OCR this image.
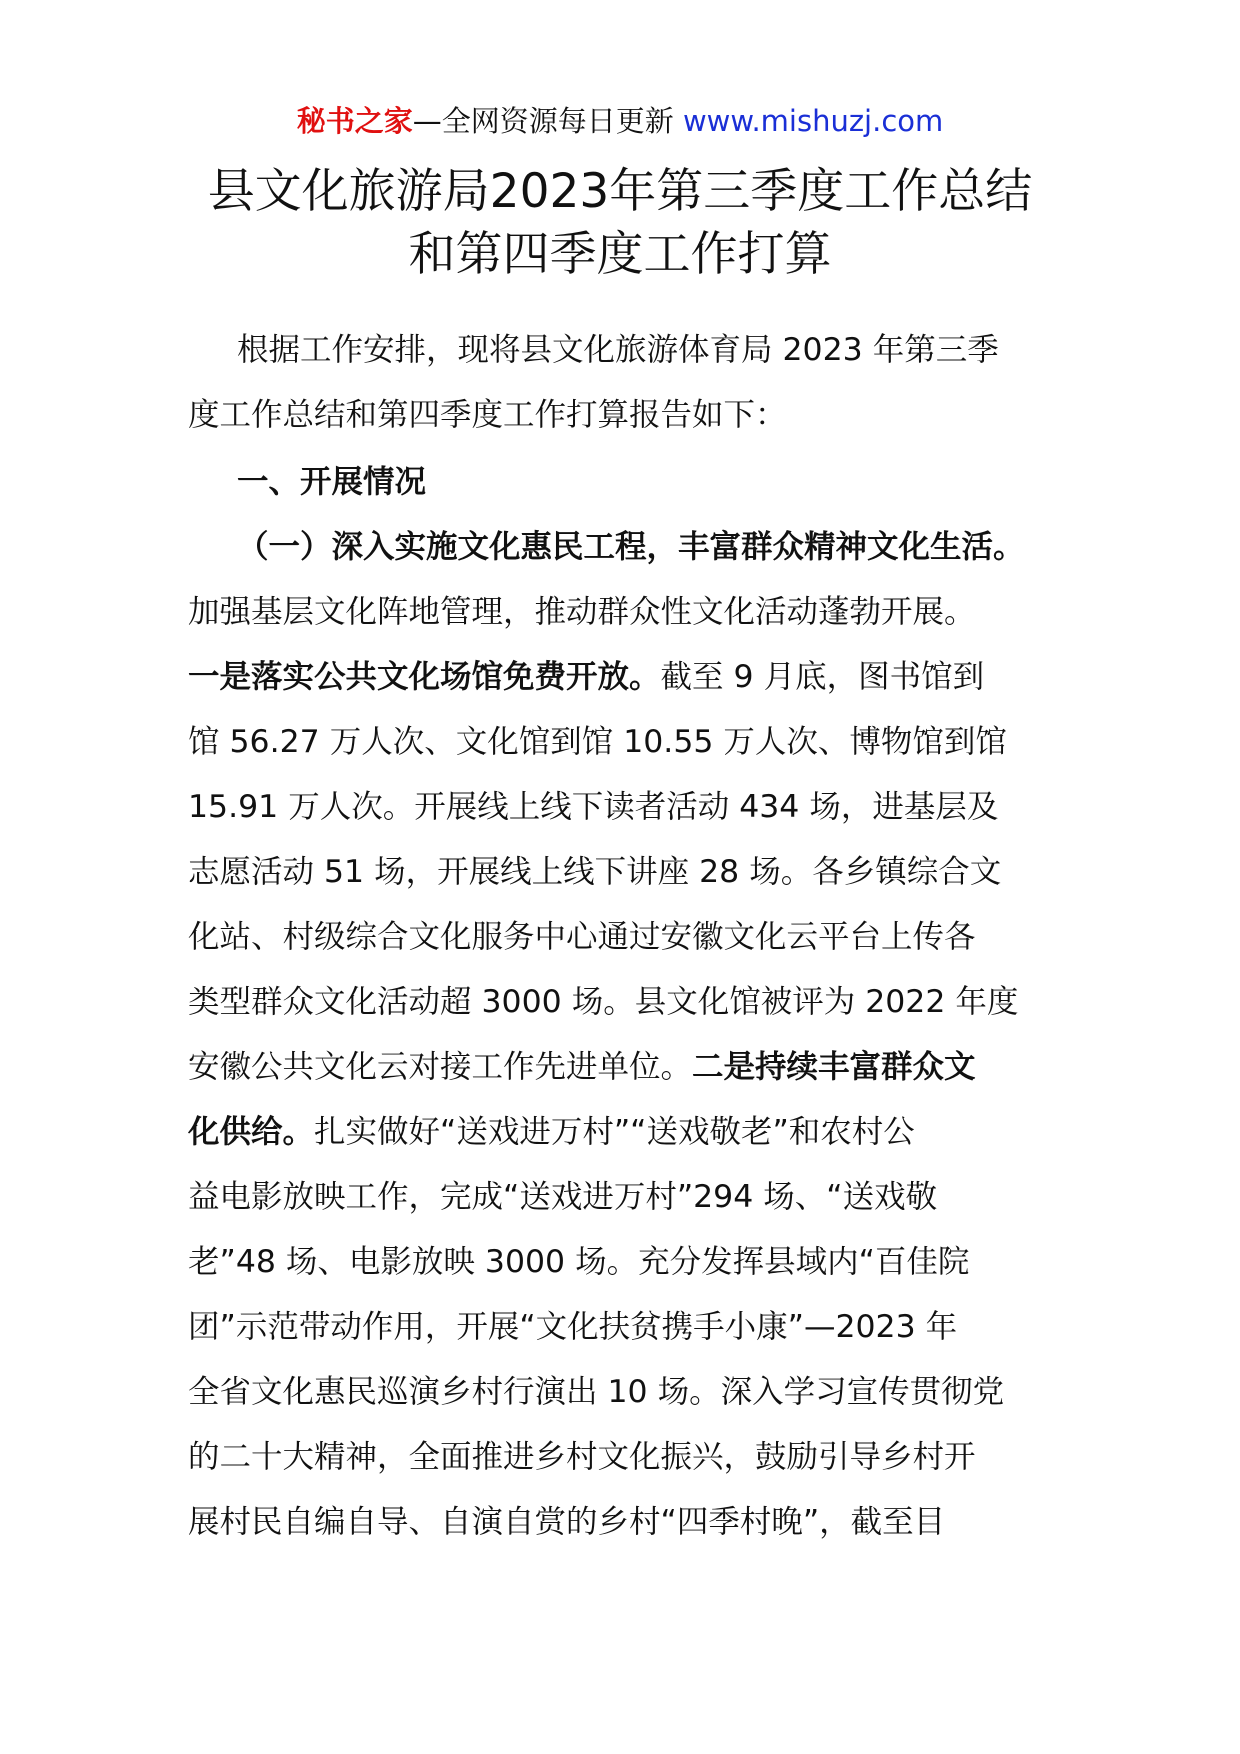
秘书之家—全网资源每日更新 www.mishuzj.com
县文化旅游局2023年第三季度工作总结
和第四季度工作打算
根据工作安排，现将县文化旅游体育局 2023 年第三季
度工作总结和第四季度工作打算报告如下：
一、开展情况
（一）深入实施文化惠民工程，丰富群众精神文化生活。
加强基层文化阵地管理，推动群众性文化活动蓬勃开展。
一是落实公共文化场馆免费开放。截至 9 月底，图书馆到
馆 56.27 万人次、文化馆到馆 10.55 万人次、博物馆到馆
15.91 万人次。开展线上线下读者活动 434 场，进基层及
志愿活动 51 场，开展线上线下讲座 28 场。各乡镇综合文
化站、村级综合文化服务中心通过安徽文化云平台上传各
类型群众文化活动超 3000 场。县文化馆被评为 2022 年度
安徽公共文化云对接工作先进单位。二是持续丰富群众文
化供给。扎实做好“送戏进万村”“送戏敬老”和农村公
益电影放映工作，完成“送戏进万村”294 场、“送戏敬
老”48 场、电影放映 3000 场。充分发挥县域内“百佳院
团”示范带动作用，开展“文化扶贫携手小康”—2023 年
全省文化惠民巡演乡村行演出 10 场。深入学习宣传贯彻党
的二十大精神，全面推进乡村文化振兴，鼓励引导乡村开
展村民自编自导、自演自赏的乡村“四季村晚”，截至目
